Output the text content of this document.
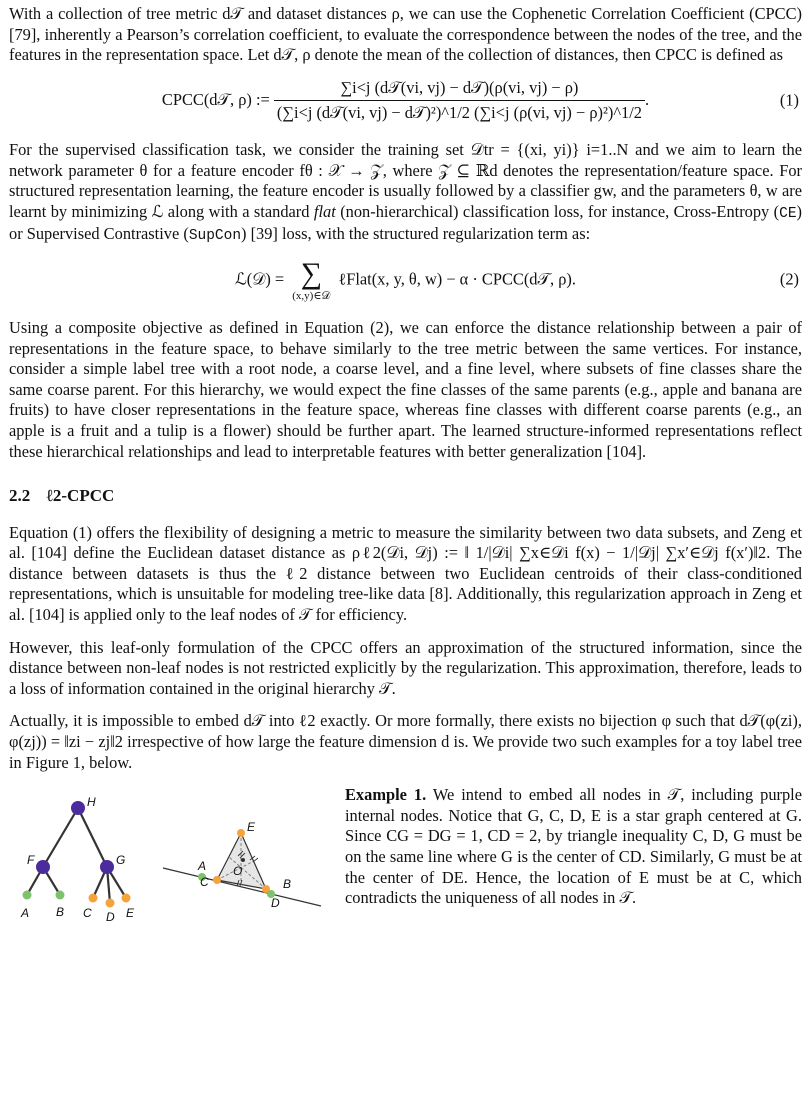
With a collection of tree metric d𝒯 and dataset distances ρ, we can use the Cophenetic Correlation Coefficient (CPCC) [79], inherently a Pearson’s correlation coefficient, to evaluate the correspondence between the nodes of the tree, and the features in the representation space. Let d𝒯, ρ denote the mean of the collection of distances, then CPCC is defined as

CPCC(d𝒯, ρ) := $\frac{\text{∑i<j (d𝒯(vi, vj) − d𝒯)(ρ(vi, vj) − ρ)}}{\text{(∑i<j (d𝒯(vi, vj) − d𝒯)²)\textasciicircum{}1/2 (∑i<j (ρ(vi, vj) − ρ)²)\textasciicircum{}1/2}}$ .	(1)

For the supervised classification task, we consider the training set 𝒟tr = {(xi, yi)} i=1..N and we aim to learn the network parameter θ for a feature encoder fθ : 𝒳 → 𝒵, where 𝒵 ⊆ ℝd denotes the representation/feature space. For structured representation learning, the feature encoder is usually followed by a classifier gw, and the parameters θ, w are learnt by minimizing ℒ along with a standard flat (non-hierarchical) classification loss, for instance, Cross-Entropy (CE) or Supervised Contrastive (SupCon) [39] loss, with the structured regularization term as:

ℒ(𝒟) = ∑
(x,y)∈𝒟
ℓFlat(x, y, θ, w) − α · CPCC(d𝒯, ρ).	(2)

Using a composite objective as defined in Equation (2), we can enforce the distance relationship between a pair of representations in the feature space, to behave similarly to the tree metric between the same vertices. For instance, consider a simple label tree with a root node, a coarse level, and a fine level, where subsets of fine classes share the same coarse parent. For this hierarchy, we would expect the fine classes of the same parents (e.g., apple and banana are fruits) to have closer representations in the feature space, whereas fine classes with different coarse parents (e.g., an apple is a fruit and a tulip is a flower) should be further apart. The learned structure-informed representations reflect these hierarchical relationships and lead to interpretable features with better generalization [104].

2.2 ℓ2-CPCC

Equation (1) offers the flexibility of designing a metric to measure the similarity between two data subsets, and Zeng et al. [104] define the Euclidean dataset distance as ρℓ2(𝒟i, 𝒟j) := ‖ 1/|𝒟i| ∑x∈𝒟i f(x) − 1/|𝒟j| ∑x′∈𝒟j f(x′)‖2. The distance between datasets is thus the ℓ2 distance between two Euclidean centroids of their class-conditioned representations, which is unsuitable for modeling tree-like data [8]. Additionally, this regularization approach in Zeng et al. [104] is applied only to the leaf nodes of 𝒯 for efficiency.

However, this leaf-only formulation of the CPCC offers an approximation of the structured information, since the distance between non-leaf nodes is not restricted explicitly by the regularization. This approximation, therefore, leads to a loss of information contained in the original hierarchy 𝒯.

Actually, it is impossible to embed d𝒯 into ℓ2 exactly. Or more formally, there exists no bijection φ such that d𝒯(φ(zi), φ(zj)) = ‖zi − zj‖2 irrespective of how large the feature dimension d is. We provide two such examples for a toy label tree in Figure 1, below.

H
F	G
A B C D E
E
A
B
C
O
D
Example 1. We intend to embed all nodes in 𝒯, including purple internal nodes. Notice that G, C, D, E is a star graph centered at G. Since CG = DG = 1, CD = 2, by triangle inequality C, D, G must be on the same line where G is the center of CD. Similarly, G must be at the center of DE. Hence, the location of E must be at C, which contradicts the uniqueness of all nodes in 𝒯.
